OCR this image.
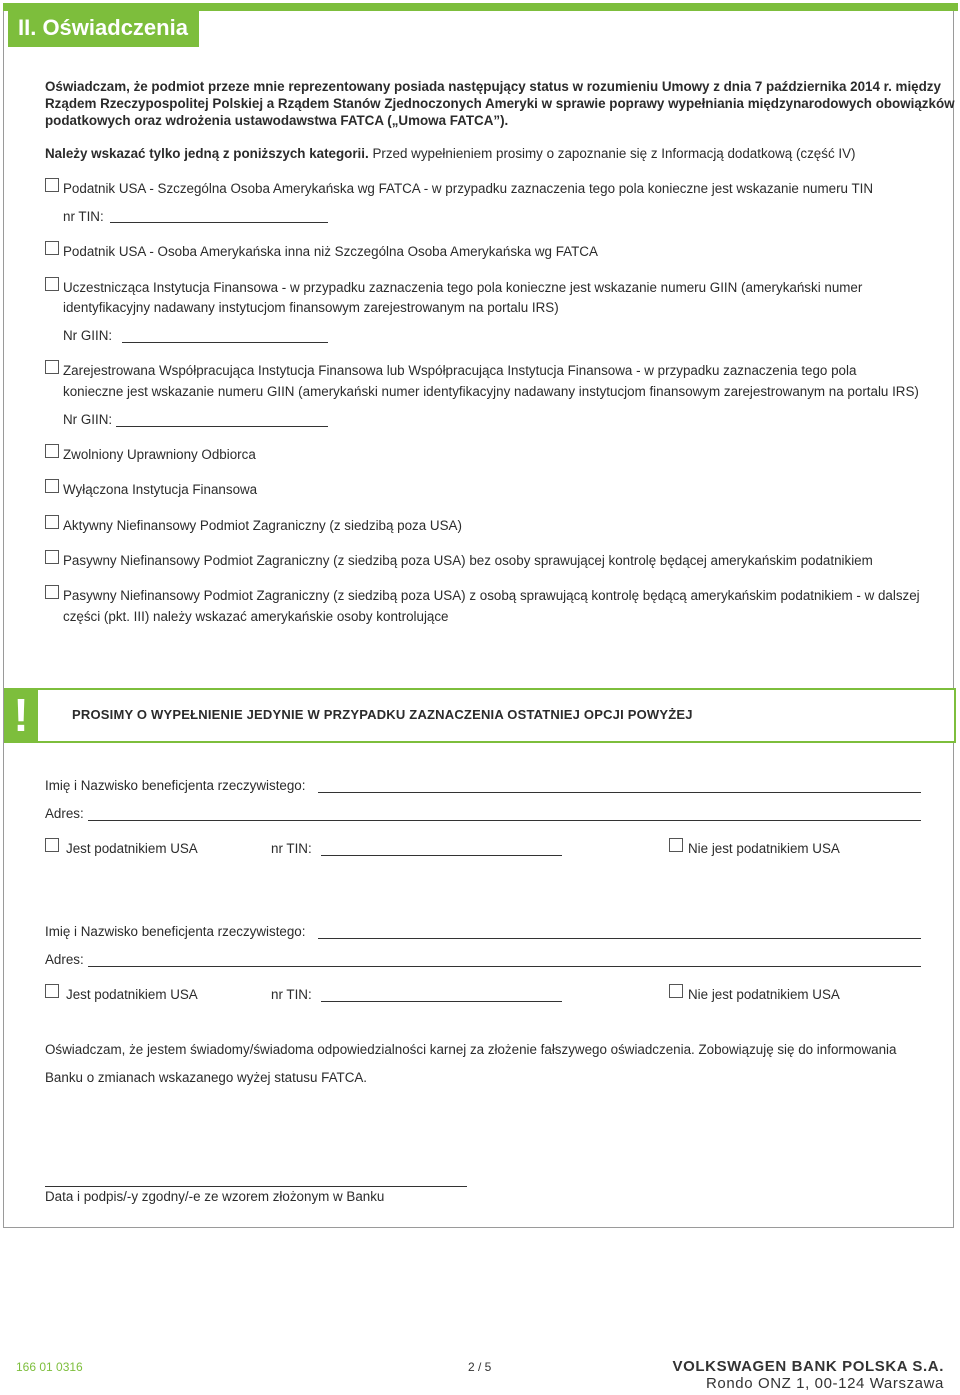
II. Oświadczenia
Oświadczam, że podmiot przeze mnie reprezentowany posiada następujący status w rozumieniu Umowy z dnia 7 października 2014 r. między
Rządem Rzeczypospolitej Polskiej a Rządem Stanów Zjednoczonych Ameryki w sprawie poprawy wypełniania międzynarodowych obowiązków
podatkowych oraz wdrożenia ustawodawstwa FATCA („Umowa FATCA”).
Należy wskazać tylko jedną z poniższych kategorii. Przed wypełnieniem prosimy o zapoznanie się z Informacją dodatkową (część IV)
Podatnik USA - Szczególna Osoba Amerykańska wg FATCA - w przypadku zaznaczenia tego pola konieczne jest wskazanie numeru TIN
nr TIN:
Podatnik USA - Osoba Amerykańska inna niż Szczególna Osoba Amerykańska wg FATCA
Uczestnicząca Instytucja Finansowa - w przypadku zaznaczenia tego pola konieczne jest wskazanie numeru GIIN (amerykański numer
identyfikacyjny nadawany instytucjom finansowym zarejestrowanym na portalu IRS)
Nr GIIN:
Zarejestrowana Współpracująca Instytucja Finansowa lub Współpracująca Instytucja Finansowa - w przypadku zaznaczenia tego pola
konieczne jest wskazanie numeru GIIN (amerykański numer identyfikacyjny nadawany instytucjom finansowym zarejestrowanym na portalu IRS)
Nr GIIN:
Zwolniony Uprawniony Odbiorca
Wyłączona Instytucja Finansowa
Aktywny Niefinansowy Podmiot Zagraniczny (z siedzibą poza USA)
Pasywny Niefinansowy Podmiot Zagraniczny (z siedzibą poza USA) bez osoby sprawującej kontrolę będącej amerykańskim podatnikiem
Pasywny Niefinansowy Podmiot Zagraniczny (z siedzibą poza USA) z osobą sprawującą kontrolę będącą amerykańskim podatnikiem - w dalszej
części (pkt. III) należy wskazać amerykańskie osoby kontrolujące
!	PROSIMY O WYPEŁNIENIE JEDYNIE W PRZYPADKU ZAZNACZENIA OSTATNIEJ OPCJI POWYŻEJ
Imię i Nazwisko beneficjenta rzeczywistego:
Adres:
Jest podatnikiem USA	nr TIN:	Nie jest podatnikiem USA
Imię i Nazwisko beneficjenta rzeczywistego:
Adres:
Jest podatnikiem USA	nr TIN:	Nie jest podatnikiem USA
Oświadczam, że jestem świadomy/świadoma odpowiedzialności karnej za złożenie fałszywego oświadczenia. Zobowiązuję się do informowania
Banku o zmianach wskazanego wyżej statusu FATCA.
Data i podpis/-y zgodny/-e ze wzorem złożonym w Banku
166 01 0316	2 / 5	VOLKSWAGEN BANK POLSKA S.A.
Rondo ONZ 1, 00-124 Warszawa
